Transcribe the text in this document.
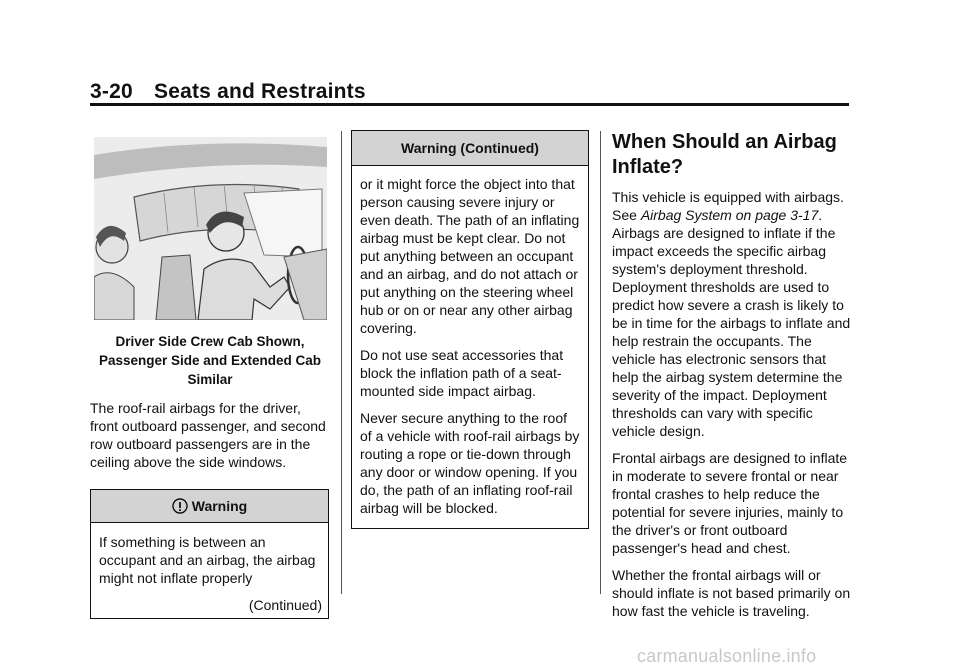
3-20 Seats and Restraints
Driver Side Crew Cab Shown, Passenger Side and Extended Cab Similar

The roof-rail airbags for the driver, front outboard passenger, and second row outboard passengers are in the ceiling above the side windows.

Warning

If something is between an occupant and an airbag, the airbag might not inflate properly

(Continued)
Warning (Continued)

or it might force the object into that person causing severe injury or even death. The path of an inflating airbag must be kept clear. Do not put anything between an occupant and an airbag, and do not attach or put anything on the steering wheel hub or on or near any other airbag covering.

Do not use seat accessories that block the inflation path of a seat-mounted side impact airbag.

Never secure anything to the roof of a vehicle with roof-rail airbags by routing a rope or tie-down through any door or window opening. If you do, the path of an inflating roof-rail airbag will be blocked.

When Should an Airbag Inflate?

This vehicle is equipped with airbags. See Airbag System on page 3-17. Airbags are designed to inflate if the impact exceeds the specific airbag system's deployment threshold. Deployment thresholds are used to predict how severe a crash is likely to be in time for the airbags to inflate and help restrain the occupants. The vehicle has electronic sensors that help the airbag system determine the severity of the impact. Deployment thresholds can vary with specific vehicle design.

Frontal airbags are designed to inflate in moderate to severe frontal or near frontal crashes to help reduce the potential for severe injuries, mainly to the driver's or front outboard passenger's head and chest.

Whether the frontal airbags will or should inflate is not based primarily on how fast the vehicle is traveling.

carmanualsonline.info
